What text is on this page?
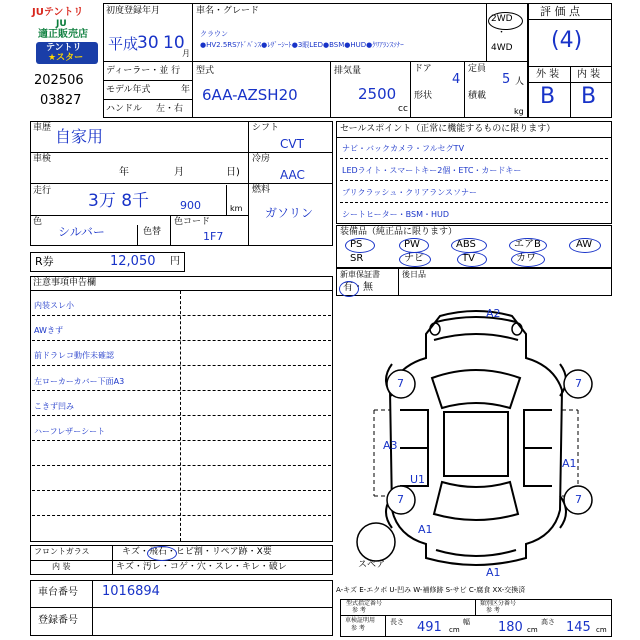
JUテントリ
JU
適正販売店
テントリ
★スター
初度登録年月
平成
30 10
月
202506
03827
車名・グレード
クラウン
●HV2.5RSｱﾄﾞﾊﾞﾝｽ●ﾚｻﾞｰｼｰﾄ●3眼LED●BSM●HUD●ｸﾘｱﾗﾝｽｿﾅｰ
2WD
・
4WD
ディーラー・並 行
モデル年式	年
ハンドル 左・右
型式
6AA-AZSH20
排気量
2500
cc
ドア
4
形状
定員
5 人
積載
kg
評 価 点
(4)
外 装 内 装
B B
車歴 自家用
車検
年	月	日)
走行 3万 8千	900	km
色
シルバー	色替
色コード
1F7
シフト
CVT
冷房
AAC
燃料
ガソリン
R券	12,050 円
セールスポイント（正常に機能するものに限ります）
ナビ・バックカメラ・フルセグTV
LEDライト・スマートキー2個・ETC・カードキー
ブリクラッシュ・クリアランスソナー
シートヒーター・BSM・HUD
装備品（純正品に限ります）
PS	PW	ABS	エアB	AW
SR	ナビ	TV	カワ
新車保証書
有・無
後日品
注意事項申告欄
内装スレ小
AWきず
前ドラレコ動作未確認
左ローカーカバー下面A3
こきず凹み
ハーフレザーシート
A2
7	7
A3
A1
U1
7	7
A1
A1
スペア
A-キズ E-エクボ U-凹み W-補修跡 S-サビ C-腐食 XX-交換済
フロントガラス	キズ・飛石・ヒビ割・リペア跡・X要
内 装	キズ・汚レ・コゲ・穴・スレ・キレ・破レ
車台番号 1016894
登録番号
型式指定番号
参 考
類別区分番号
参 考
車検証明用
参 考
長さ 491 cm
幅 180 cm
高さ 145 cm
